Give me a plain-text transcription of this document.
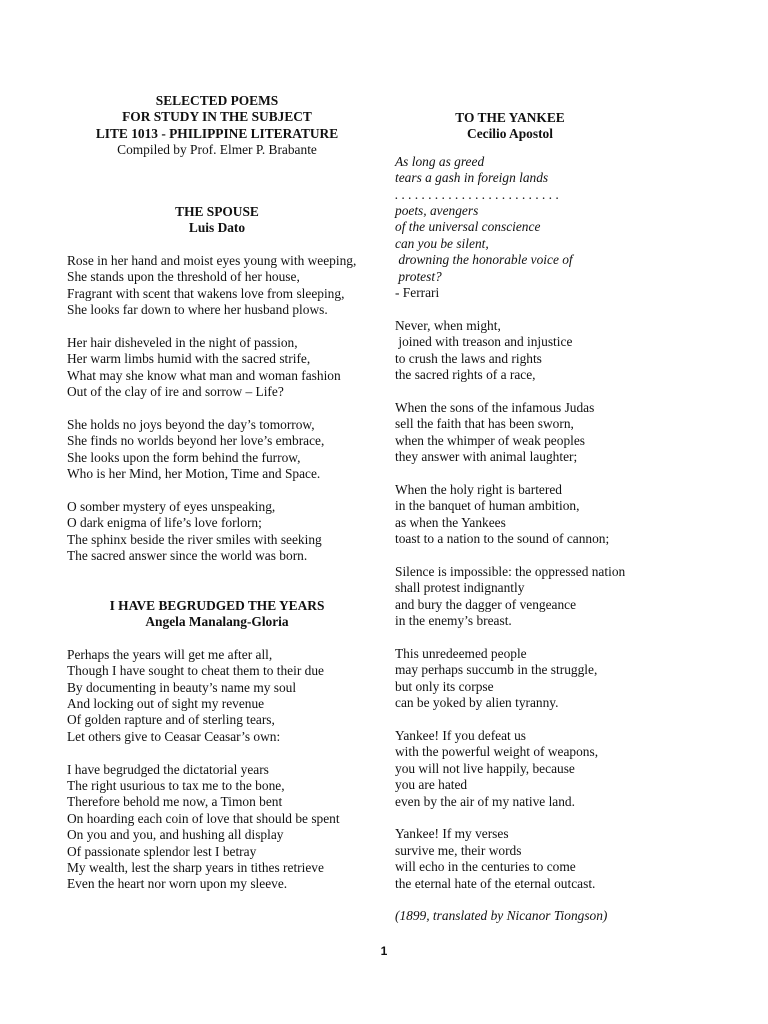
SELECTED POEMS
FOR STUDY IN THE SUBJECT
LITE 1013 - PHILIPPINE LITERATURE
Compiled by Prof. Elmer P. Brabante
THE SPOUSE
Luis Dato
Rose in her hand and moist eyes young with weeping,
She stands upon the threshold of her house,
Fragrant with scent that wakens love from sleeping,
She looks far down to where her husband plows.
Her hair disheveled in the night of passion,
Her warm limbs humid with the sacred strife,
What may she know what man and woman fashion
Out of the clay of ire and sorrow – Life?
She holds no joys beyond the day’s tomorrow,
She finds no worlds beyond her love’s embrace,
She looks upon the form behind the furrow,
Who is her Mind, her Motion, Time and Space.
O somber mystery of eyes unspeaking,
O dark enigma of life’s love forlorn;
The sphinx beside the river smiles with seeking
The sacred answer since the world was born.
I HAVE BEGRUDGED THE YEARS
Angela Manalang-Gloria
Perhaps the years will get me after all,
Though I have sought to cheat them to their due
By documenting in beauty’s name my soul
And locking out of sight my revenue
Of golden rapture and of sterling tears,
Let others give to Ceasar Ceasar’s own:
I have begrudged the dictatorial years
The right usurious to tax me to the bone,
Therefore behold me now, a Timon bent
On hoarding each coin of love that should be spent
On you and you, and hushing all display
Of passionate splendor lest I betray
My wealth, lest the sharp years in tithes retrieve
Even the heart nor worn upon my sleeve.
TO THE YANKEE
Cecilio Apostol
As long as greed
tears a gash in foreign lands
. . . . . . . . . . . . . . . . . . . . . . . . .
poets, avengers
of the universal conscience
can you be silent,
drowning the honorable voice of
protest?
- Ferrari
Never, when might,
joined with treason and injustice
to crush the laws and rights
the sacred rights of a race,
When the sons of the infamous Judas
sell the faith that has been sworn,
when the whimper of weak peoples
they answer with animal laughter;
When the holy right is bartered
in the banquet of human ambition,
as when the Yankees
toast to a nation to the sound of cannon;
Silence is impossible: the oppressed nation
shall protest indignantly
and bury the dagger of vengeance
in the enemy’s breast.
This unredeemed people
may perhaps succumb in the struggle,
but only its corpse
can be yoked by alien tyranny.
Yankee! If you defeat us
with the powerful weight of weapons,
you will not live happily, because
you are hated
even by the air of my native land.
Yankee! If my verses
survive me, their words
will echo in the centuries to come
the eternal hate of the eternal outcast.
(1899, translated by Nicanor Tiongson)
1
